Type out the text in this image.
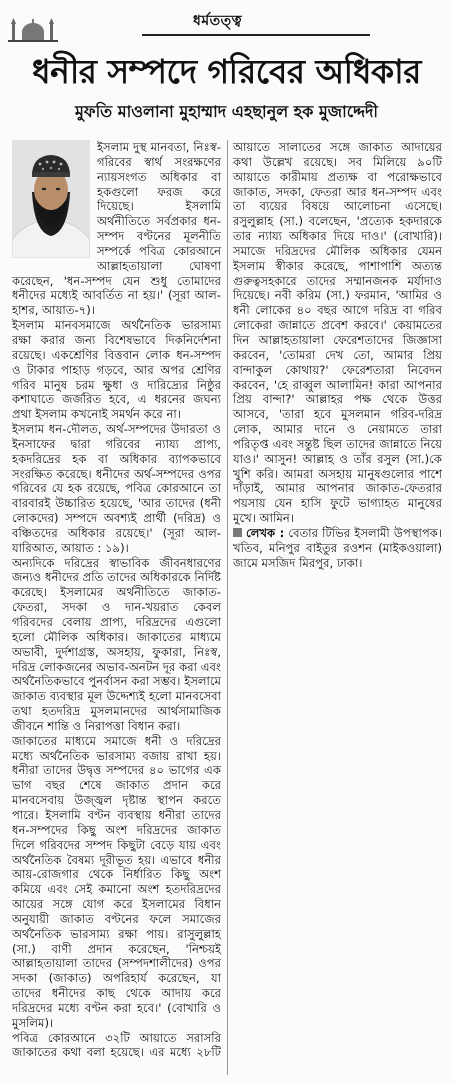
ধর্মতত্ত্ব
ধনীর সম্পদে গরিবের অধিকার
মুফতি মাওলানা মুহাম্মাদ এহছানুল হক মুজাদ্দেদী

ইসলাম দুস্থ মানবতা, নিঃস্ব-গরিবের স্বার্থ সংরক্ষণের ন্যায়সংগত অধিকার বা হকগুলো ফরজ করে দিয়েছে। ইসলামি অর্থনীতিতে সর্বপ্রকার ধন-সম্পদ বণ্টনের মূলনীতি সম্পর্কে পবিত্র কোরআনে আল্লাহতায়ালা ঘোষণা করেছেন, 'ধন-সম্পদ যেন শুধু তোমাদের ধনীদের মধ্যেই আবর্তিত না হয়।' (সূরা আল-হাশর, আয়াত-৭)।

ইসলাম মানবসমাজে অর্থনৈতিক ভারসাম্য রক্ষা করার জন্য বিশেষভাবে দিকনির্দেশনা রয়েছে। একশ্রেণির বিত্তবান লোক ধন-সম্পদ ও টাকার পাহাড় গড়বে, আর অপর শ্রেণির গরিব মানুষ চরম ক্ষুধা ও দারিদ্র্যের নিষ্ঠুর কশাঘাতে জর্জরিত হবে, এ ধরনের জঘন্য প্রথা ইসলাম কখনোই সমর্থন করে না।

ইসলাম ধন-দৌলত, অর্থ-সম্পদের উদারতা ও ইনসাফের দ্বারা গরিবের ন্যায্য প্রাপ্য, হকদরিদ্রের হক বা অধিকার ব্যাপকভাবে সংরক্ষিত করেছে। ধনীদের অর্থ-সম্পদের ওপর গরিবের যে হক রয়েছে, পবিত্র কোরআনে তা বারবারই উচ্চারিত হয়েছে, 'আর তাদের (ধনী লোকদের) সম্পদে অবশ্যই প্রার্থী (দরিদ্র) ও বঞ্চিতদের অধিকার রয়েছে।' (সূরা আল-যারিআত, আয়াত : ১৯)।

অন্যদিকে দরিদ্রের স্বাভাবিক জীবনধারণের জন্যও ধনীদের প্রতি তাদের অধিকারকে নির্দিষ্ট করেছে। ইসলামের অর্থনীতিতে জাকাত-ফেতরা, সদকা ও দান-খয়রাত কেবল গরিবদের বেলায় প্রাপ্য, দরিদ্রদের এগুলো হলো মৌলিক অধিকার। জাকাতের মাধ্যমে অভাবী, দুর্দশাগ্রস্ত, অসহায়, ফুকারা, নিঃস্ব, দরিদ্র লোকজনের অভাব-অনটন দূর করা এবং অর্থনৈতিকভাবে পুনর্বাসন করা সম্ভব। ইসলামে জাকাত ব্যবস্থার মূল উদ্দেশ্যই হলো মানবসেবা তথা হতদরিদ্র মুসলমানদের আর্থসামাজিক জীবনে শান্তি ও নিরাপত্তা বিধান করা।

জাকাতের মাধ্যমে সমাজে ধনী ও দরিদ্রের মধ্যে অর্থনৈতিক ভারসাম্য বজায় রাখা হয়। ধনীরা তাদের উদ্বৃত্ত সম্পদের ৪০ ভাগের এক ভাগ বছর শেষে জাকাত প্রদান করে মানবসেবায় উজ্জ্বল দৃষ্টান্ত স্থাপন করতে পারে। ইসলামি বণ্টন ব্যবস্থায় ধনীরা তাদের ধন-সম্পদের কিছু অংশ দরিদ্রদের জাকাত দিলে গরিবদের সম্পদ কিছুটা বেড়ে যায় এবং অর্থনৈতিক বৈষম্য দূরীভূত হয়। এভাবে ধনীর আয়-রোজগার থেকে নির্ধারিত কিছু অংশ কমিয়ে এবং সেই কমানো অংশ হতদরিদ্রদের আয়ের সঙ্গে যোগ করে ইসলামের বিধান অনুযায়ী জাকাত বণ্টনের ফলে সমাজের অর্থনৈতিক ভারসাম্য রক্ষা পায়। রাসুলুল্লাহ (সা.) বাণী প্রদান করেছেন, 'নিশ্চয়ই আল্লাহতায়ালা তাদের (সম্পদশালীদের) ওপর সদকা (জাকাত) অপরিহার্য করেছেন, যা তাদের ধনীদের কাছ থেকে আদায় করে দরিদ্রদের মধ্যে বণ্টন করা হবে।' (বোখারি ও মুসলিম)।

পবিত্র কোরআনে ৩২টি আয়াতে সরাসরি জাকাতের কথা বলা হয়েছে। এর মধ্যে ২৮টি আয়াতে সালাতের সঙ্গে জাকাত আদায়ের কথা উল্লেখ রয়েছে। সব মিলিয়ে ৯০টি আয়াতে কারীমায় প্রত্যক্ষ বা পরোক্ষভাবে জাকাত, সদকা, ফেতরা আর ধন-সম্পদ এবং তা ব্যয়ের বিষয়ে আলোচনা এসেছে। রসুলুল্লাহ (সা.) বলেছেন, 'প্রত্যেক হকদারকে তার ন্যায্য অধিকার দিয়ে দাও।' (বোখারি)। সমাজে দরিদ্রদের মৌলিক অধিকার যেমন ইসলাম স্বীকার করেছে, পাশাপাশি অত্যন্ত গুরুত্বসহকারে তাদের সম্মানজনক মর্যাদাও দিয়েছে। নবী করিম (সা.) ফরমান, 'আমির ও ধনী লোকের ৪০ বছর আগে দরিদ্র বা গরিব লোকেরা জান্নাতে প্রবেশ করবে।' কেয়ামতের দিন আল্লাহতায়ালা ফেরেশতাদের জিজ্ঞাসা করবেন, 'তোমরা দেখ তো, আমার প্রিয় বান্দাকুল কোথায়?' ফেরেশতারা নিবেদন করবেন, 'হে রাব্বুল আলামিন! কারা আপনার প্রিয় বান্দা?' আল্লাহর পক্ষ থেকে উত্তর আসবে, 'তারা হবে মুসলমান গরিব-দরিদ্র লোক, আমার দানে ও নেয়ামতে তারা পরিতৃপ্ত এবং সন্তুষ্ট ছিল তাদের জান্নাতে নিয়ে যাও।' আসুন! আল্লাহ ও তাঁর রসুল (সা.)কে খুশি করি। আমরা অসহায় মানুষগুলোর পাশে দাঁড়াই, আমার আপনার জাকাত-ফেতরার পয়সায় যেন হাসি ফুটে ভাগ্যাহত মানুষের মুখে। আমিন।

লেখক : বেতার টিভির ইসলামী উপস্থাপক। খতিব, মনিপুর বাইতুর রওশন (মাইকওয়ালা) জামে মসজিদ মিরপুর, ঢাকা।
